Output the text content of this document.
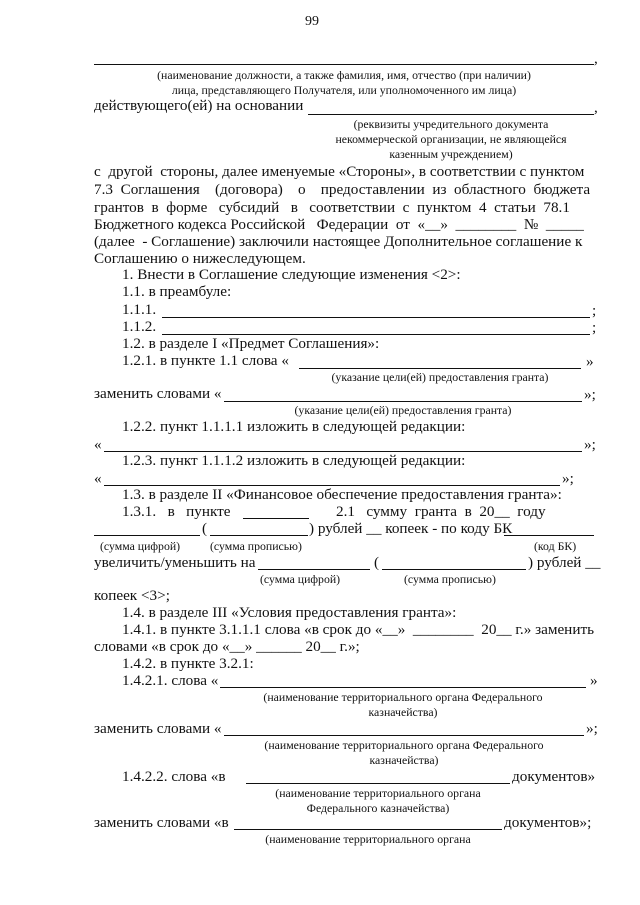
99
,
(наименование должности, а также фамилия, имя, отчество (при наличии)
лица, представляющего Получателя, или уполномоченного им лица)
действующего(ей) на основании	,
(реквизиты учредительного документа
некоммерческой организации, не являющейся
казенным учреждением)
с  другой  стороны, далее именуемые «Стороны», в соответствии с пунктом
7.3  Соглашения    (договора)    о    предоставлении  из  областного  бюджета
грантов  в  форме   субсидий   в   соответствии  с  пунктом  4  статьи  78.1
Бюджетного кодекса Российской   Федерации  от  «__»  ________  №  _____
(далее  - Соглашение) заключили настоящее Дополнительное соглашение к
Соглашению о нижеследующем.
1. Внести в Соглашение следующие изменения <2>:
1.1. в преамбуле:
1.1.1.	;
1.1.2.	;
1.2. в разделе I «Предмет Соглашения»:
1.2.1. в пункте 1.1 слова «	»
(указание цели(ей) предоставления гранта)
заменить словами «	»;
(указание цели(ей) предоставления гранта)
1.2.2. пункт 1.1.1.1 изложить в следующей редакции:
«	»;
1.2.3. пункт 1.1.1.2 изложить в следующей редакции:
«	»;
1.3. в разделе II «Финансовое обеспечение предоставления гранта»:
1.3.1.   в   пункте	2.1   сумму  гранта  в  20__  году
(	) рублей __ копеек - по коду БК
(сумма цифрой)	(сумма прописью)	(код БК)
увеличить/уменьшить на	(	) рублей __
(сумма цифрой)	(сумма прописью)
копеек <3>;
1.4. в разделе III «Условия предоставления гранта»:
1.4.1. в пункте 3.1.1.1 слова «в срок до «__»  ________  20__ г.» заменить
словами «в срок до «__» ______ 20__ г.»;
1.4.2. в пункте 3.2.1:
1.4.2.1. слова «	»
(наименование территориального органа Федерального
казначейства)
заменить словами «	»;
(наименование территориального органа Федерального
казначейства)
1.4.2.2. слова «в	документов»
(наименование территориального органа
Федерального казначейства)
заменить словами «в	документов»;
(наименование территориального органа
